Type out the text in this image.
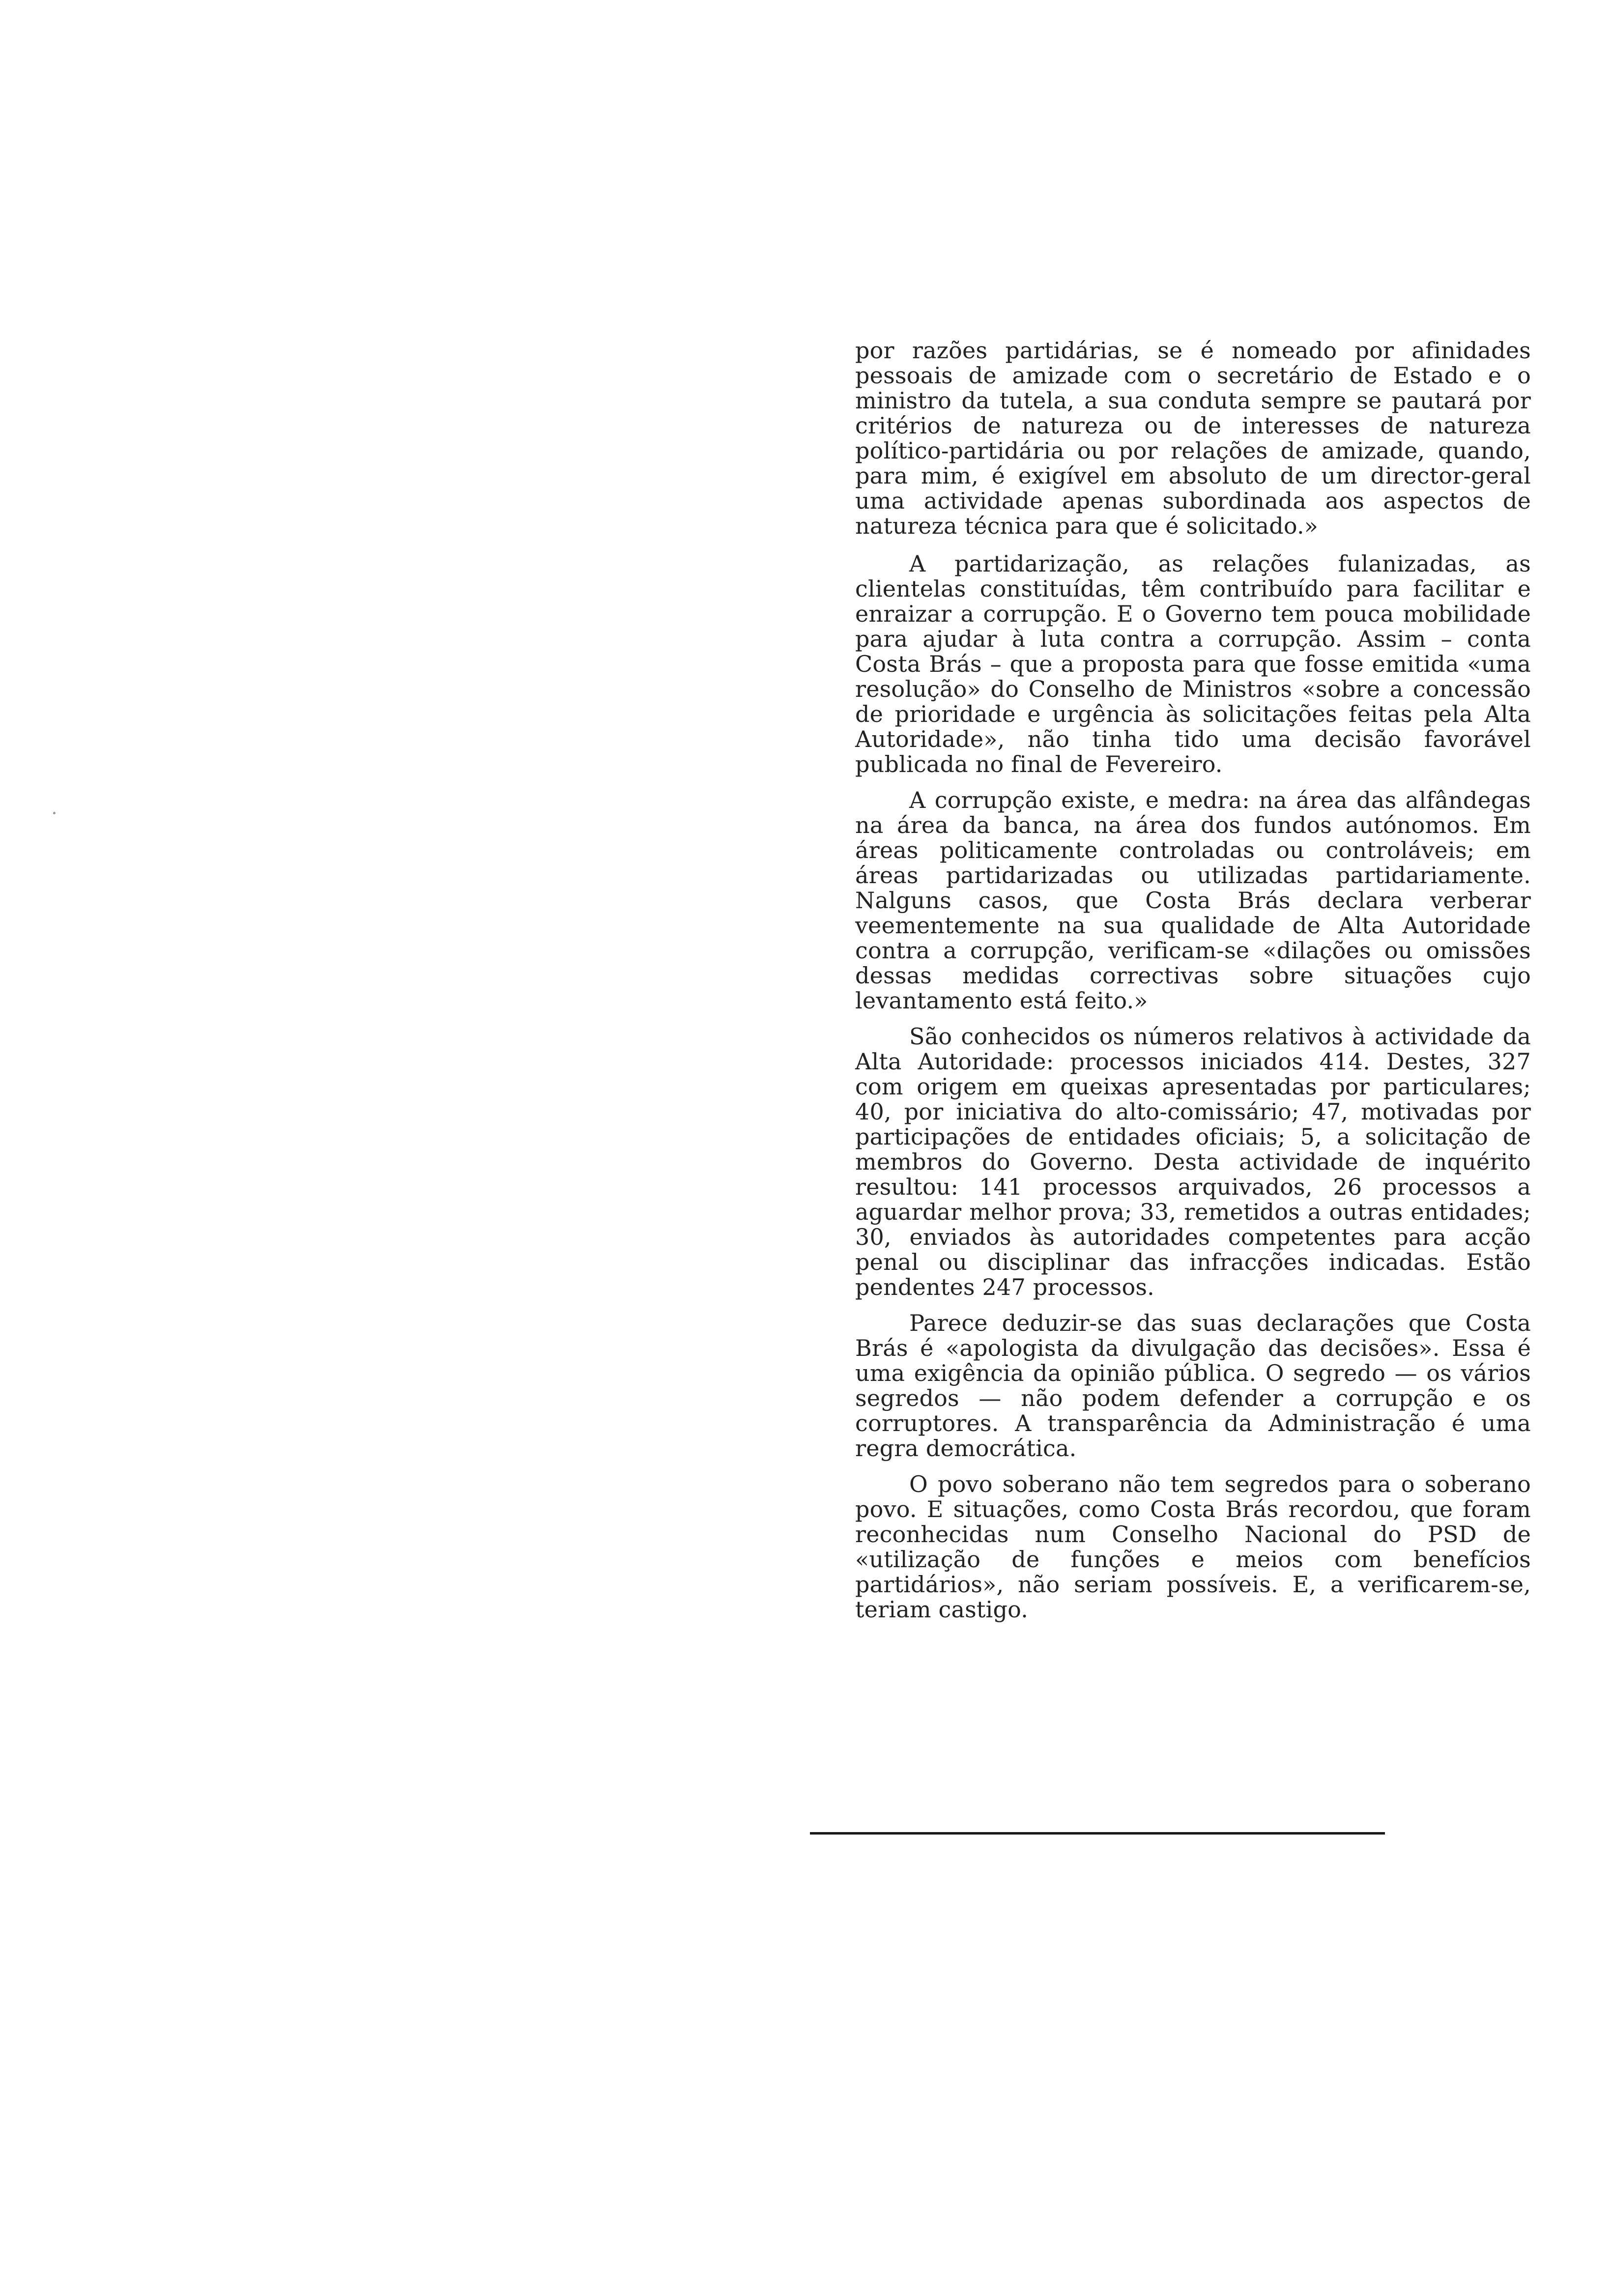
por razões partidárias, se é nomeado por afinidades pessoais de amizade com o secretário de Estado e o ministro da tutela, a sua conduta sempre se pautará por critérios de natureza ou de interesses de natureza político-partidária ou por relações de amizade, quando, para mim, é exigível em absoluto de um director-geral uma actividade apenas subordinada aos aspectos de natureza técnica para que é solicitado.»

A partidarização, as relações fulanizadas, as clientelas constituídas, têm contribuído para facilitar e enraizar a corrupção. E o Governo tem pouca mobilidade para ajudar à luta contra a corrupção. Assim – conta Costa Brás – que a proposta para que fosse emitida «uma resolução» do Conselho de Ministros «sobre a concessão de prioridade e urgência às solicitações feitas pela Alta Autoridade», não tinha tido uma decisão favorável publicada no final de Fevereiro.

A corrupção existe, e medra: na área das alfândegas na área da banca, na área dos fundos autónomos. Em áreas politicamente controladas ou controláveis; em áreas partidarizadas ou utilizadas partidariamente. Nalguns casos, que Costa Brás declara verberar veementemente na sua qualidade de Alta Autoridade contra a corrupção, verificam-se «dilações ou omissões dessas medidas correctivas sobre situações cujo levantamento está feito.»

São conhecidos os números relativos à actividade da Alta Autoridade: processos iniciados 414. Destes, 327 com origem em queixas apresentadas por particulares; 40, por iniciativa do alto-comissário; 47, motivadas por participações de entidades oficiais; 5, a solicitação de membros do Governo. Desta actividade de inquérito resultou: 141 processos arquivados, 26 processos a aguardar melhor prova; 33, remetidos a outras entidades; 30, enviados às autoridades competentes para acção penal ou disciplinar das infracções indicadas. Estão pendentes 247 processos.

Parece deduzir-se das suas declarações que Costa Brás é «apologista da divulgação das decisões». Essa é uma exigência da opinião pública. O segredo — os vários segredos — não podem defender a corrupção e os corruptores. A transparência da Administração é uma regra democrática.

O povo soberano não tem segredos para o soberano povo. E situações, como Costa Brás recordou, que foram reconhecidas num Conselho Nacional do PSD de «utilização de funções e meios com benefícios partidários», não seriam possíveis. E, a verificarem-se, teriam castigo.
